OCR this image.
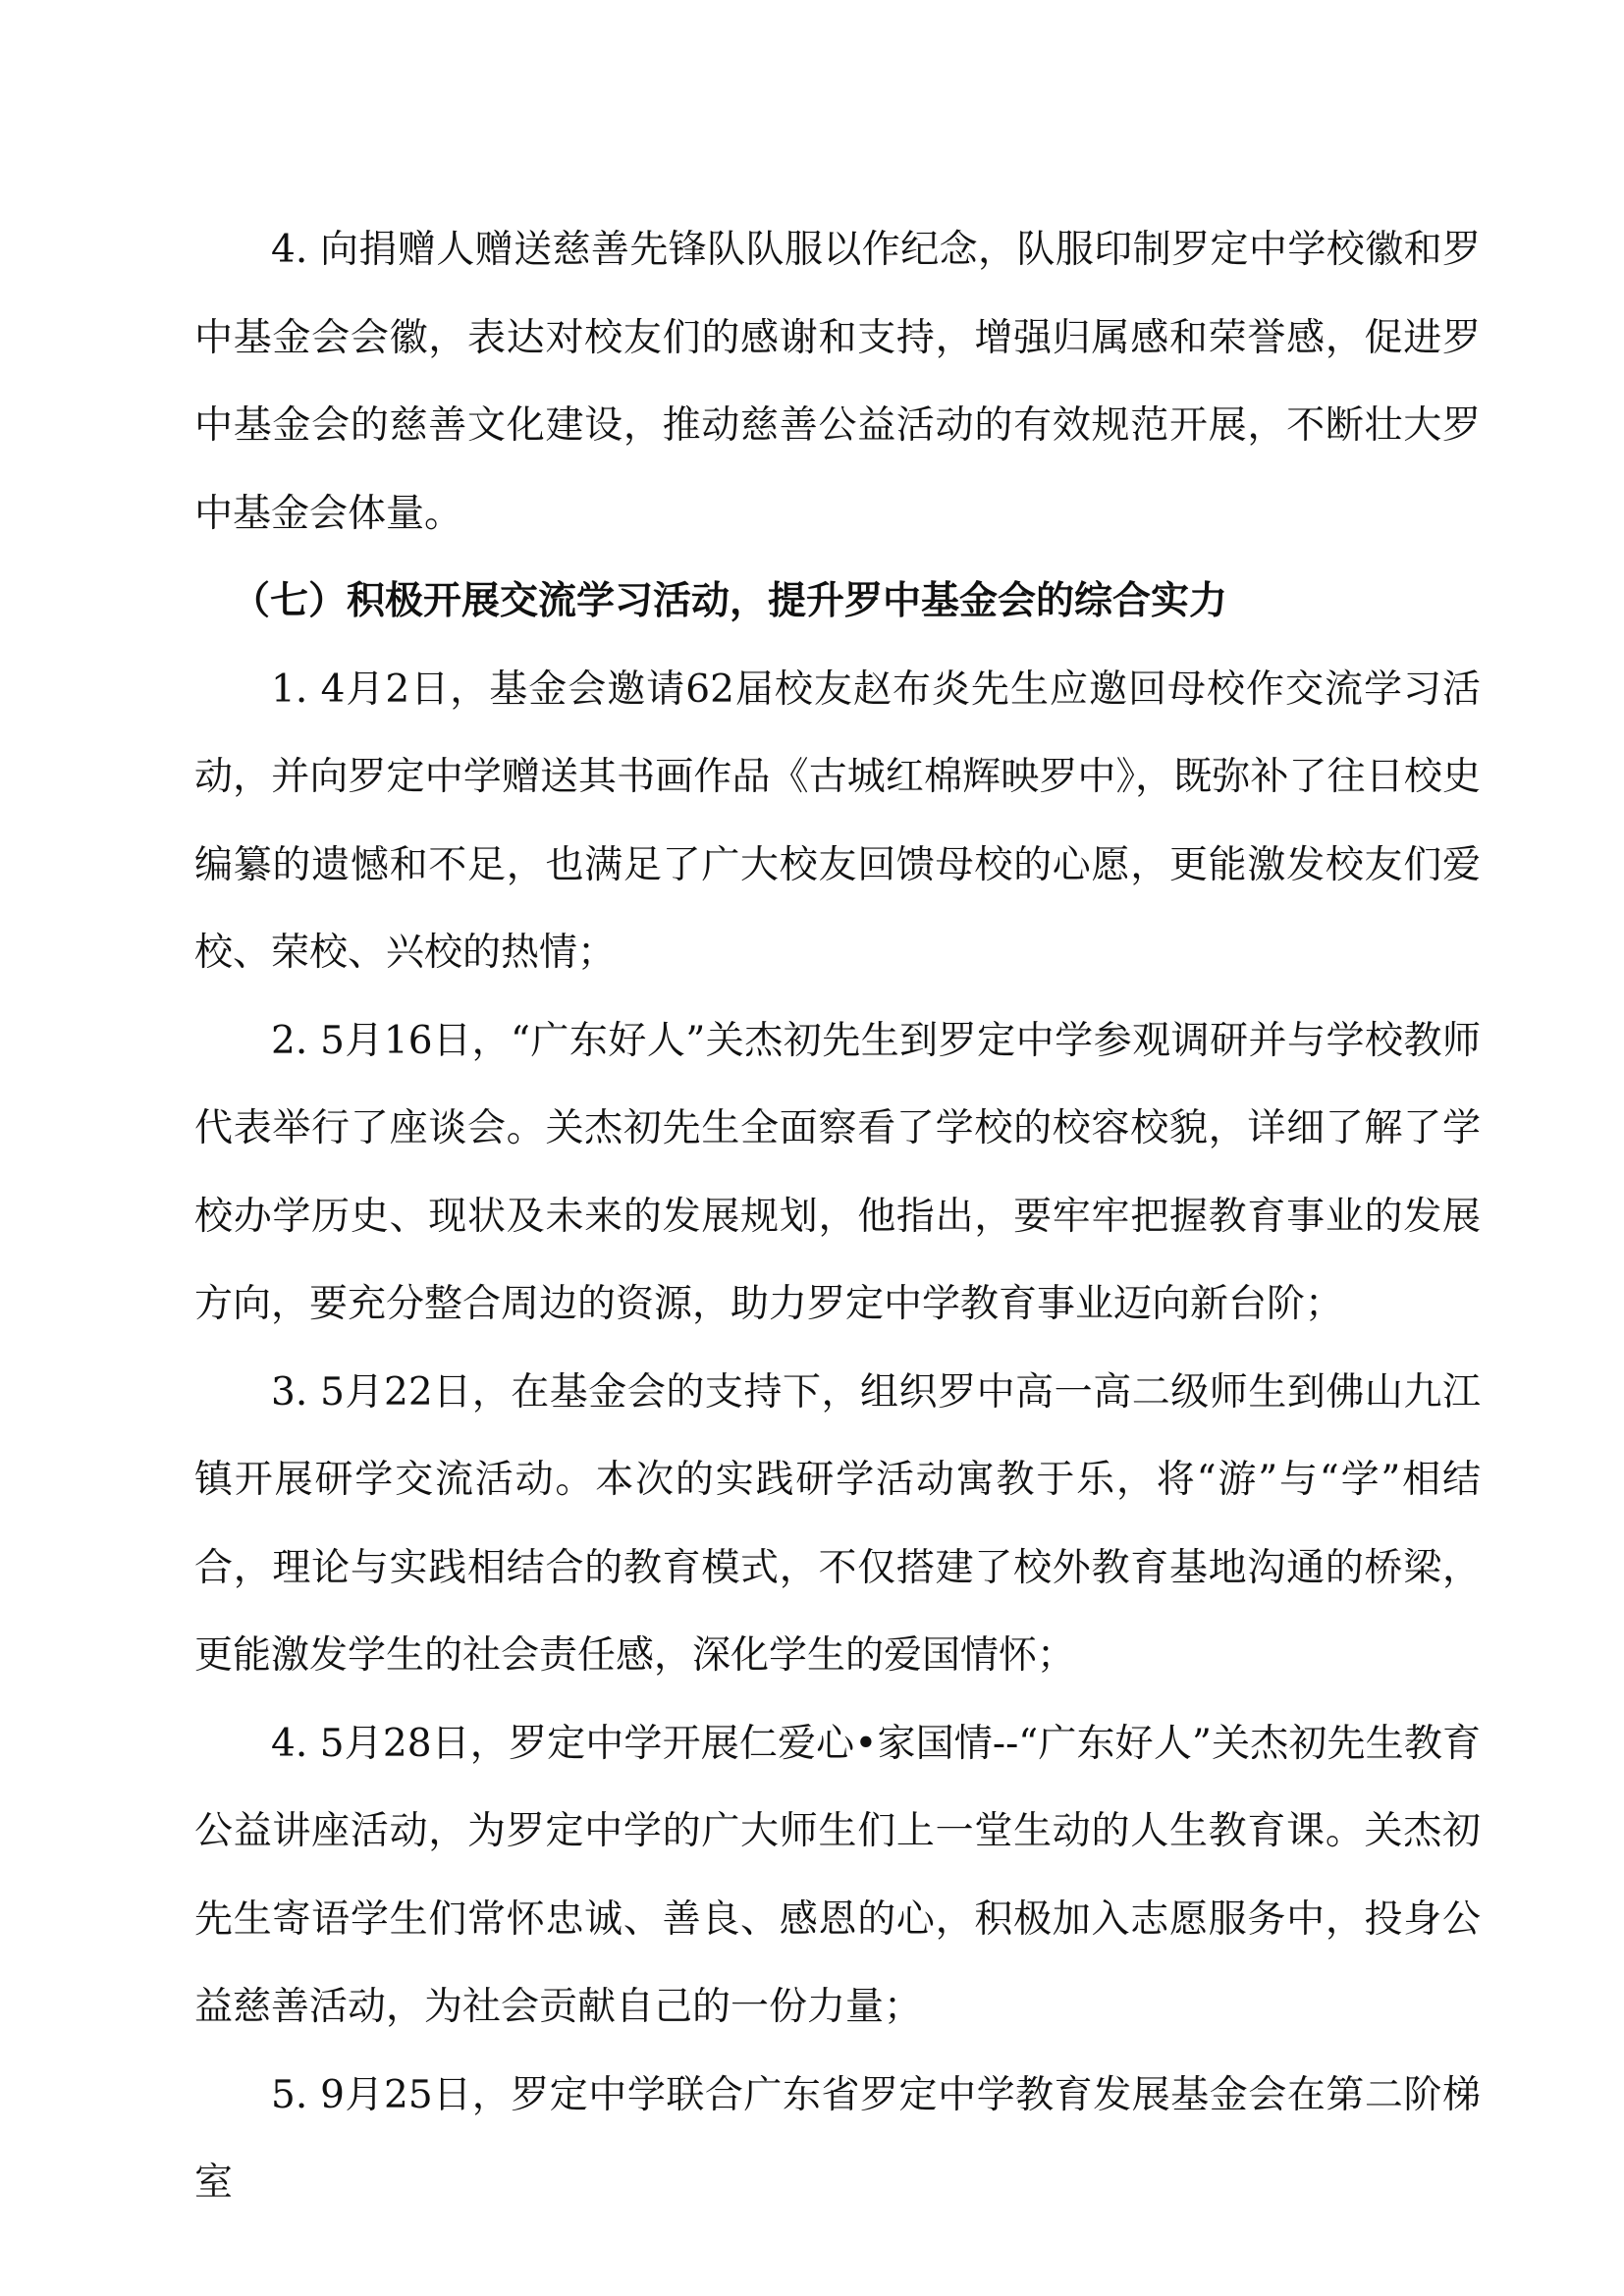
4. 向捐赠人赠送慈善先锋队队服以作纪念，队服印制罗定中学校徽和罗中基金会会徽，表达对校友们的感谢和支持，增强归属感和荣誉感，促进罗中基金会的慈善文化建设，推动慈善公益活动的有效规范开展，不断壮大罗中基金会体量。

（七）积极开展交流学习活动，提升罗中基金会的综合实力

1. 4月2日，基金会邀请62届校友赵布炎先生应邀回母校作交流学习活动，并向罗定中学赠送其书画作品《古城红棉辉映罗中》，既弥补了往日校史编纂的遗憾和不足，也满足了广大校友回馈母校的心愿，更能激发校友们爱校、荣校、兴校的热情；

2. 5月16日，“广东好人”关杰初先生到罗定中学参观调研并与学校教师代表举行了座谈会。关杰初先生全面察看了学校的校容校貌，详细了解了学校办学历史、现状及未来的发展规划，他指出，要牢牢把握教育事业的发展方向，要充分整合周边的资源，助力罗定中学教育事业迈向新台阶；

3. 5月22日，在基金会的支持下，组织罗中高一高二级师生到佛山九江镇开展研学交流活动。本次的实践研学活动寓教于乐，将“游”与“学”相结合，理论与实践相结合的教育模式，不仅搭建了校外教育基地沟通的桥梁，更能激发学生的社会责任感，深化学生的爱国情怀；

4. 5月28日，罗定中学开展仁爱心•家国情--“广东好人”关杰初先生教育公益讲座活动，为罗定中学的广大师生们上一堂生动的人生教育课。关杰初先生寄语学生们常怀忠诚、善良、感恩的心，积极加入志愿服务中，投身公益慈善活动，为社会贡献自己的一份力量；

5. 9月25日，罗定中学联合广东省罗定中学教育发展基金会在第二阶梯室
